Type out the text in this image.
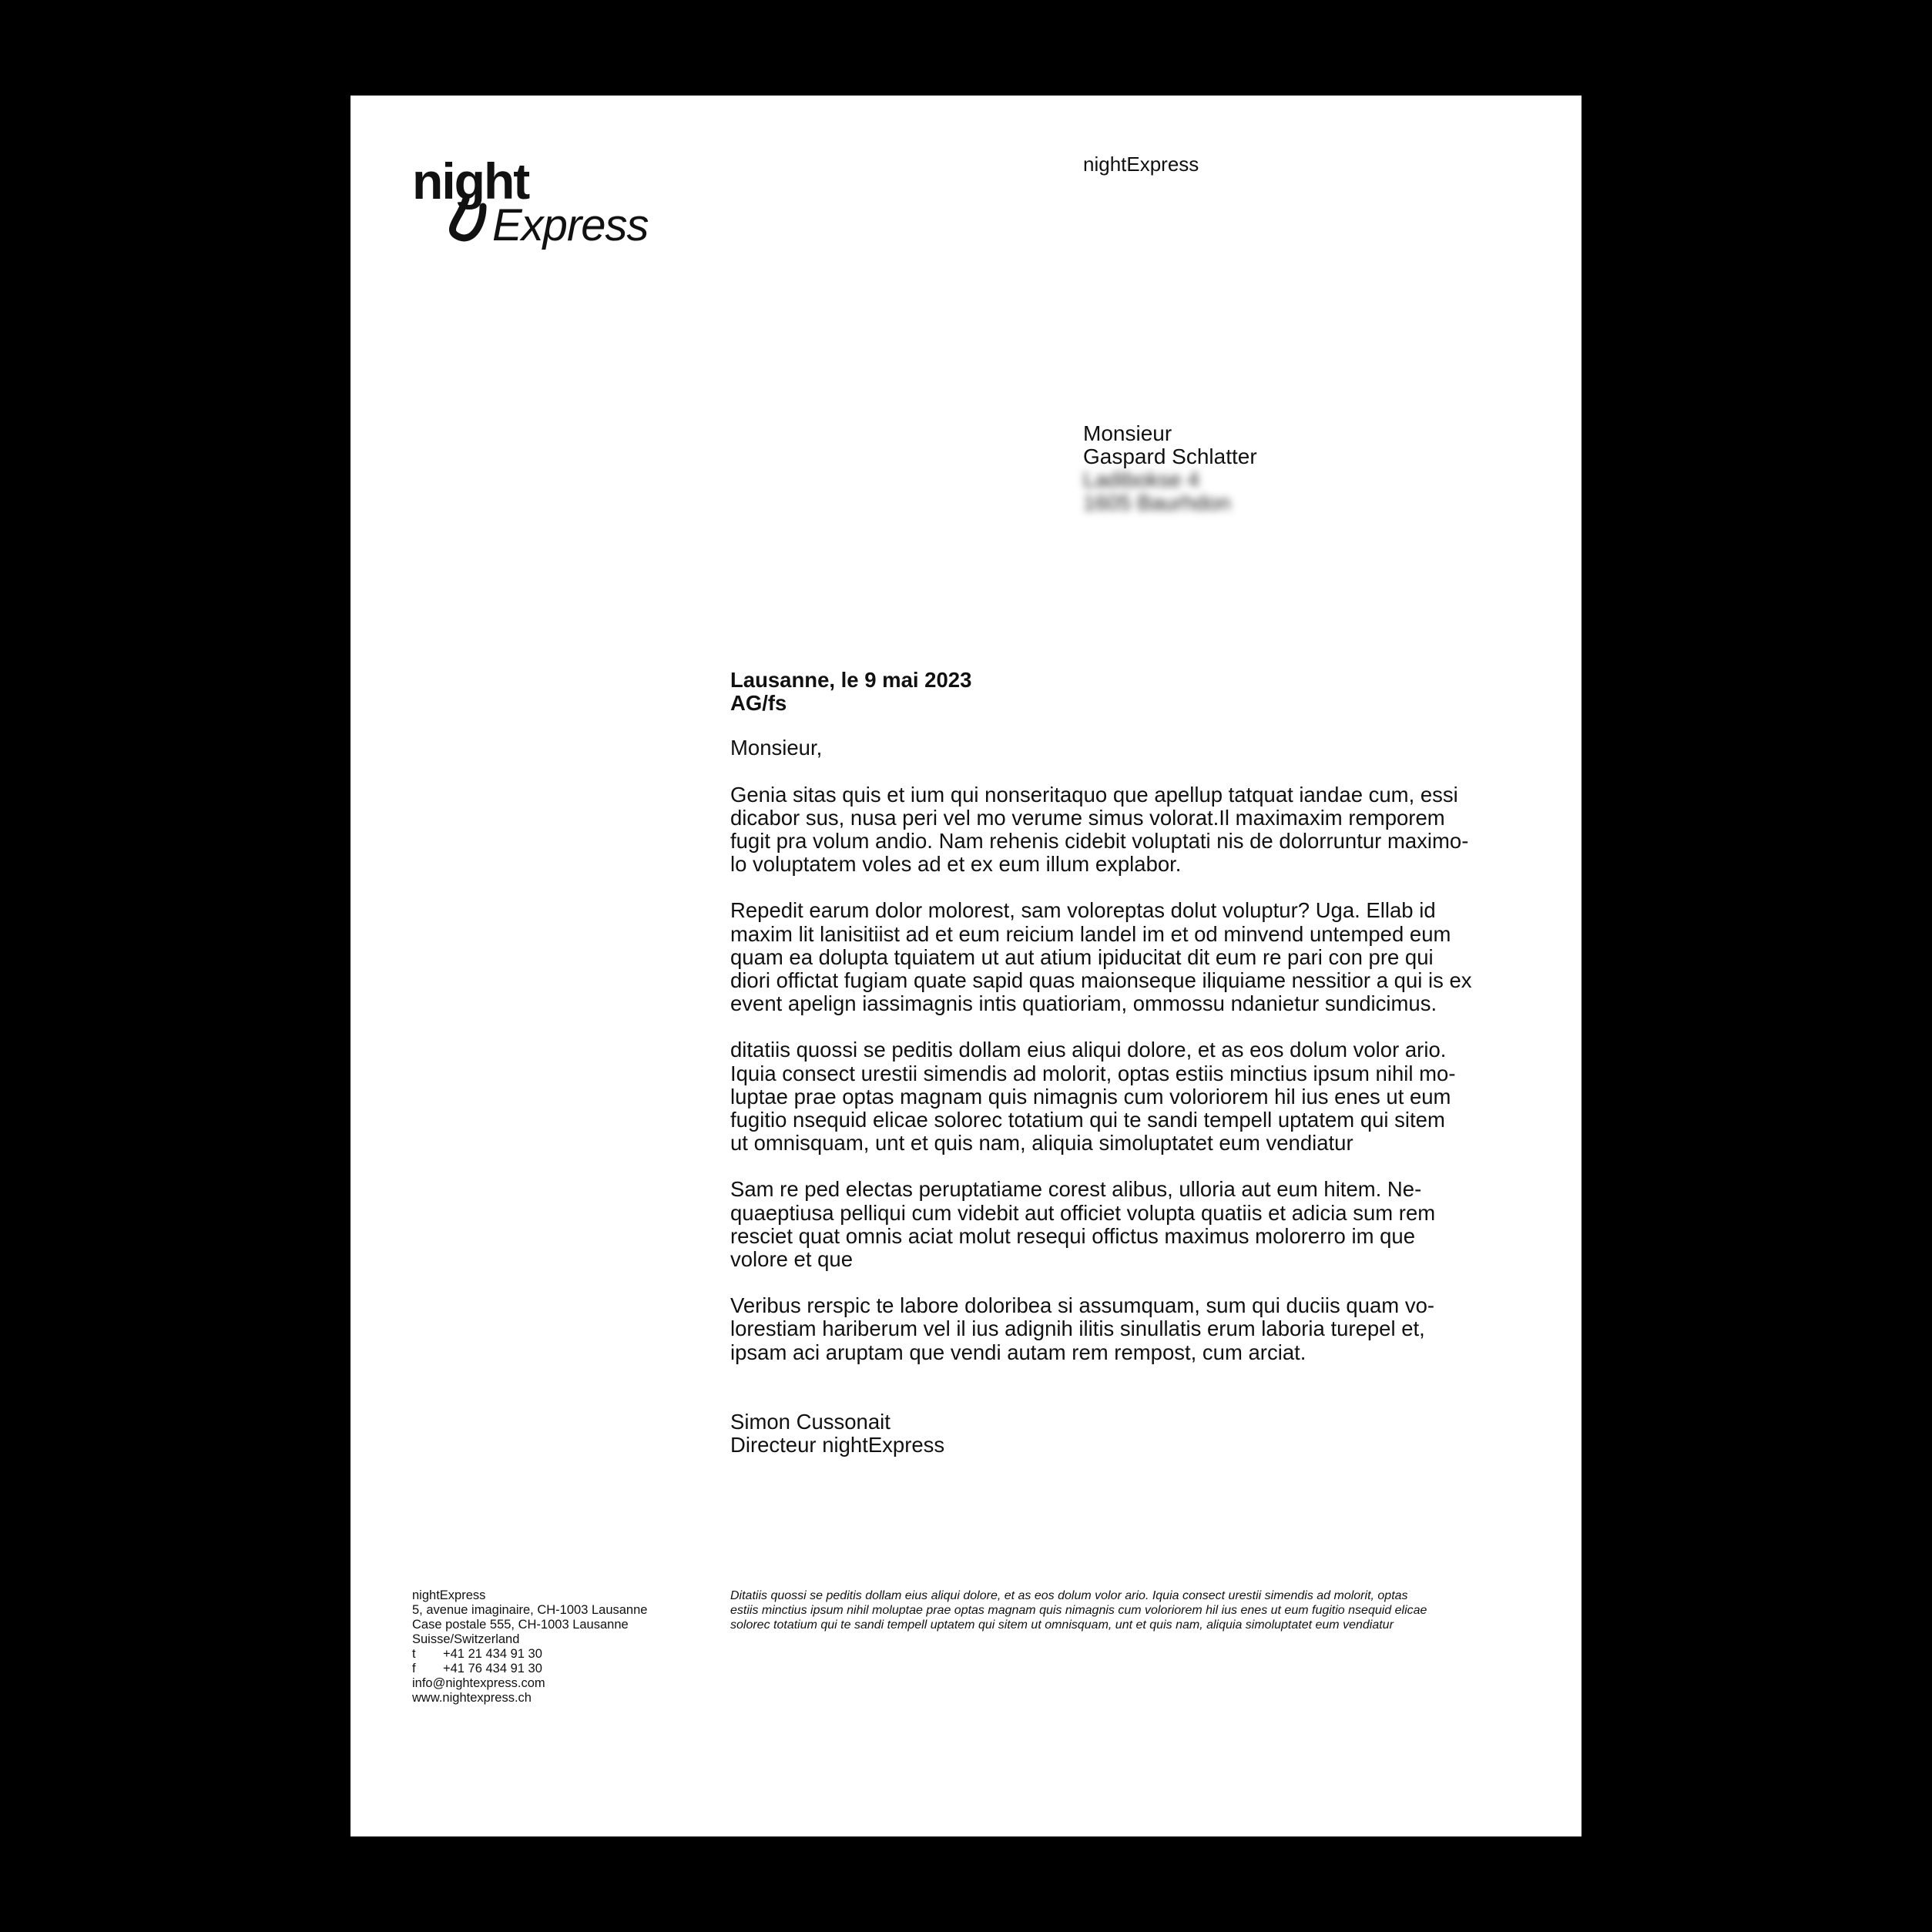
night
Express
nightExpress
Monsieur
Gaspard Schlatter
Ladibokse 4
1605 Baurhdon
Lausanne, le 9 mai 2023
AG/fs
Monsieur,
Genia sitas quis et ium qui nonseritaquo que apellup tatquat iandae cum, essi
dicabor sus, nusa peri vel mo verume simus volorat.Il maximaxim remporem
fugit pra volum andio. Nam rehenis cidebit voluptati nis de dolorruntur maximo-
lo voluptatem voles ad et ex eum illum explabor.
Repedit earum dolor molorest, sam voloreptas dolut voluptur? Uga. Ellab id
maxim lit lanisitiist ad et eum reicium landel im et od minvend untemped eum
quam ea dolupta tquiatem ut aut atium ipiducitat dit eum re pari con pre qui
diori offictat fugiam quate sapid quas maionseque iliquiame nessitior a qui is ex
event apelign iassimagnis intis quatioriam, ommossu ndanietur sundicimus.
ditatiis quossi se peditis dollam eius aliqui dolore, et as eos dolum volor ario.
Iquia consect urestii simendis ad molorit, optas estiis minctius ipsum nihil mo-
luptae prae optas magnam quis nimagnis cum voloriorem hil ius enes ut eum
fugitio nsequid elicae solorec totatium qui te sandi tempell uptatem qui sitem
ut omnisquam, unt et quis nam, aliquia simoluptatet eum vendiatur
Sam re ped electas peruptatiame corest alibus, ulloria aut eum hitem. Ne-
quaeptiusa pelliqui cum videbit aut officiet volupta quatiis et adicia sum rem
resciet quat omnis aciat molut resequi offictus maximus molorerro im que
volore et que
Veribus rerspic te labore doloribea si assumquam, sum qui duciis quam vo-
lorestiam hariberum vel il ius adignih ilitis sinullatis erum laboria turepel et,
ipsam aci aruptam que vendi autam rem rempost, cum arciat.
Simon Cussonait
Directeur nightExpress
nightExpress
5, avenue imaginaire, CH-1003 Lausanne
Case postale 555, CH-1003 Lausanne
Suisse/Switzerland
t +41 21 434 91 30
f +41 76 434 91 30
info@nightexpress.com
www.nightexpress.ch
Ditatiis quossi se peditis dollam eius aliqui dolore, et as eos dolum volor ario. Iquia consect urestii simendis ad molorit, optas
estiis minctius ipsum nihil moluptae prae optas magnam quis nimagnis cum voloriorem hil ius enes ut eum fugitio nsequid elicae
solorec totatium qui te sandi tempell uptatem qui sitem ut omnisquam, unt et quis nam, aliquia simoluptatet eum vendiatur
